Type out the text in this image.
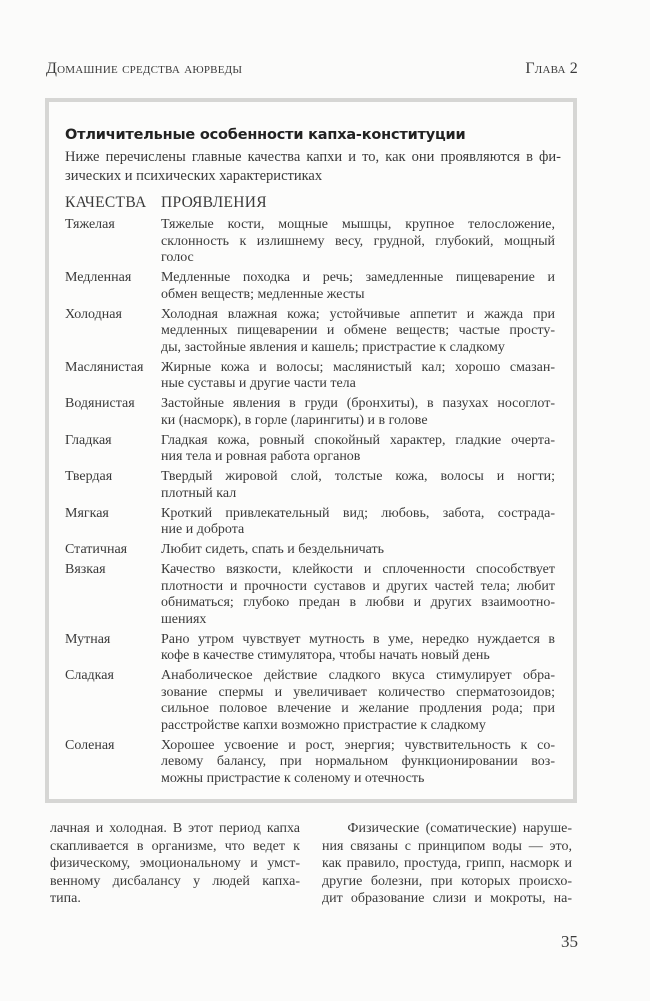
Домашние средства аюрведы	Глава 2
Отличительные особенности капха-конституции
Ниже перечислены главные качества капхи и то, как они проявляются в фи-
зических и психических характеристиках
КАЧЕСТВА ПРОЯВЛЕНИЯ
Тяжелая	Тяжелые кости, мощные мышцы, крупное телосложение,
склонность к излишнему весу, грудной, глубокий, мощный
голос
Медленная	Медленные походка и речь; замедленные пищеварение и
обмен веществ; медленные жесты
Холодная	Холодная влажная кожа; устойчивые аппетит и жажда при
медленных пищеварении и обмене веществ; частые просту-
ды, застойные явления и кашель; пристрастие к сладкому
Маслянистая	Жирные кожа и волосы; маслянистый кал; хорошо смазан-
ные суставы и другие части тела
Водянистая	Застойные явления в груди (бронхиты), в пазухах носоглот-
ки (насморк), в горле (ларингиты) и в голове
Гладкая	Гладкая кожа, ровный спокойный характер, гладкие очерта-
ния тела и ровная работа органов
Твердая	Твердый жировой слой, толстые кожа, волосы и ногти;
плотный кал
Мягкая	Кроткий привлекательный вид; любовь, забота, сострада-
ние и доброта
Статичная	Любит сидеть, спать и бездельничать
Вязкая	Качество вязкости, клейкости и сплоченности способствует
плотности и прочности суставов и других частей тела; любит
обниматься; глубоко предан в любви и других взаимоотно-
шениях
Мутная	Рано утром чувствует мутность в уме, нередко нуждается в
кофе в качестве стимулятора, чтобы начать новый день
Сладкая	Анаболическое действие сладкого вкуса стимулирует обра-
зование спермы и увеличивает количество сперматозоидов;
сильное половое влечение и желание продления рода; при
расстройстве капхи возможно пристрастие к сладкому
Соленая	Хорошее усвоение и рост, энергия; чувствительность к со-
левому балансу, при нормальном функционировании воз-
можны пристрастие к соленому и отечность
лачная и холодная. В этот период капха
скапливается в организме, что ведет к
физическому, эмоциональному и умст-
венному дисбалансу у людей капха-
типа.
Физические (соматические) наруше-
ния связаны с принципом воды — это,
как правило, простуда, грипп, насморк и
другие болезни, при которых происхо-
дит образование слизи и мокроты, на-
35
